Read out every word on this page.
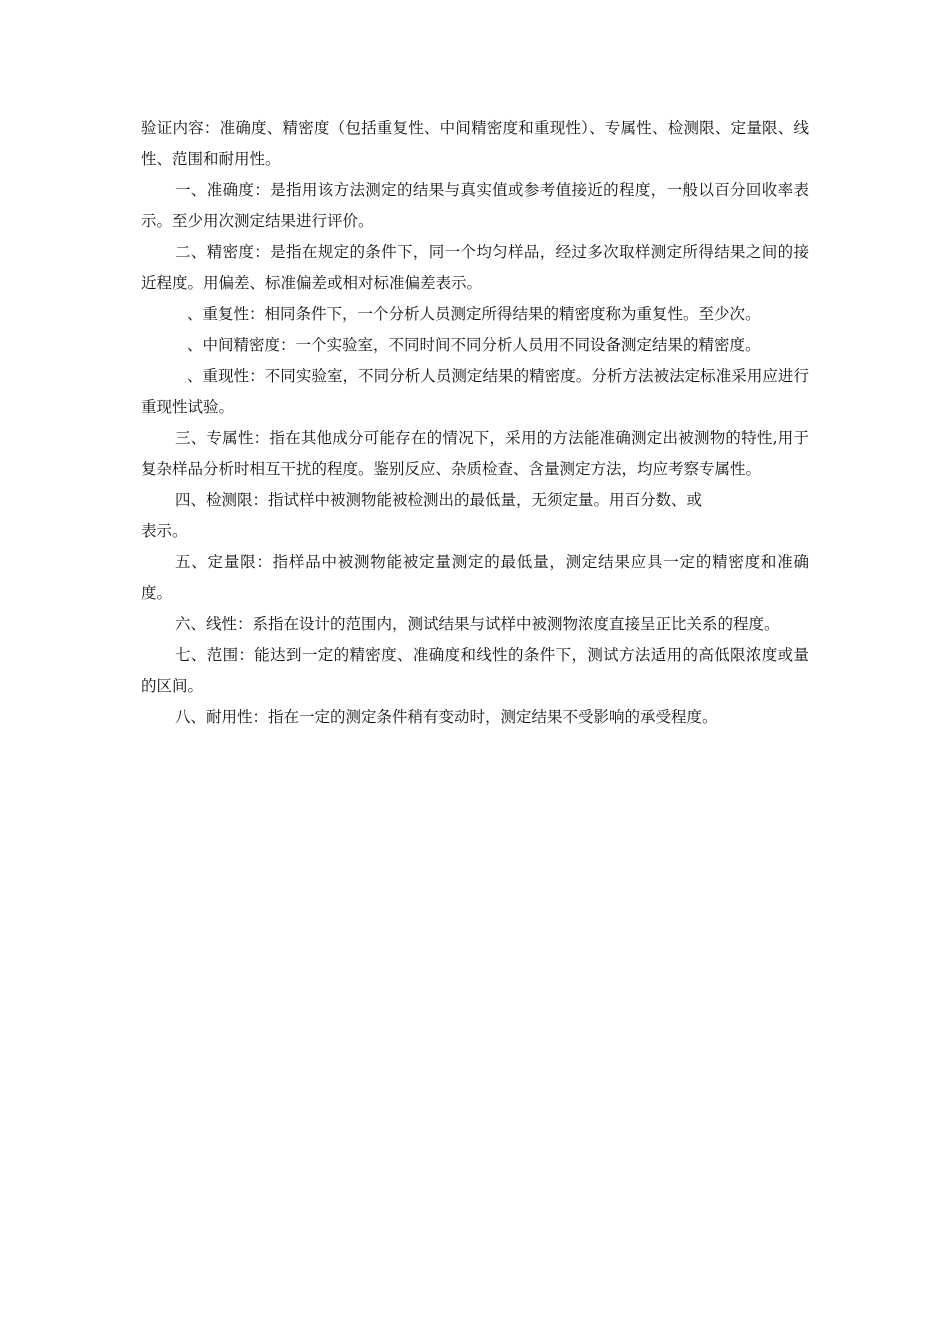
验证内容：准确度、精密度（包括重复性、中间精密度和重现性）、专属性、检测限、定量限、线性、范围和耐用性。

一、准确度：是指用该方法测定的结果与真实值或参考值接近的程度，一般以百分回收率表示。至少用次测定结果进行评价。

二、精密度：是指在规定的条件下，同一个均匀样品，经过多次取样测定所得结果之间的接近程度。用偏差、标准偏差或相对标准偏差表示。

、重复性：相同条件下，一个分析人员测定所得结果的精密度称为重复性。至少次。

、中间精密度：一个实验室，不同时间不同分析人员用不同设备测定结果的精密度。

、重现性：不同实验室，不同分析人员测定结果的精密度。分析方法被法定标准采用应进行重现性试验。

三、专属性：指在其他成分可能存在的情况下，采用的方法能准确测定出被测物的特性,用于复杂样品分析时相互干扰的程度。鉴别反应、杂质检查、含量测定方法，均应考察专属性。

四、检测限：指试样中被测物能被检测出的最低量，无须定量。用百分数、或

表示。

五、定量限：指样品中被测物能被定量测定的最低量，测定结果应具一定的精密度和准确度。

六、线性：系指在设计的范围内，测试结果与试样中被测物浓度直接呈正比关系的程度。

七、范围：能达到一定的精密度、准确度和线性的条件下，测试方法适用的高低限浓度或量的区间。

八、耐用性：指在一定的测定条件稍有变动时，测定结果不受影响的承受程度。
